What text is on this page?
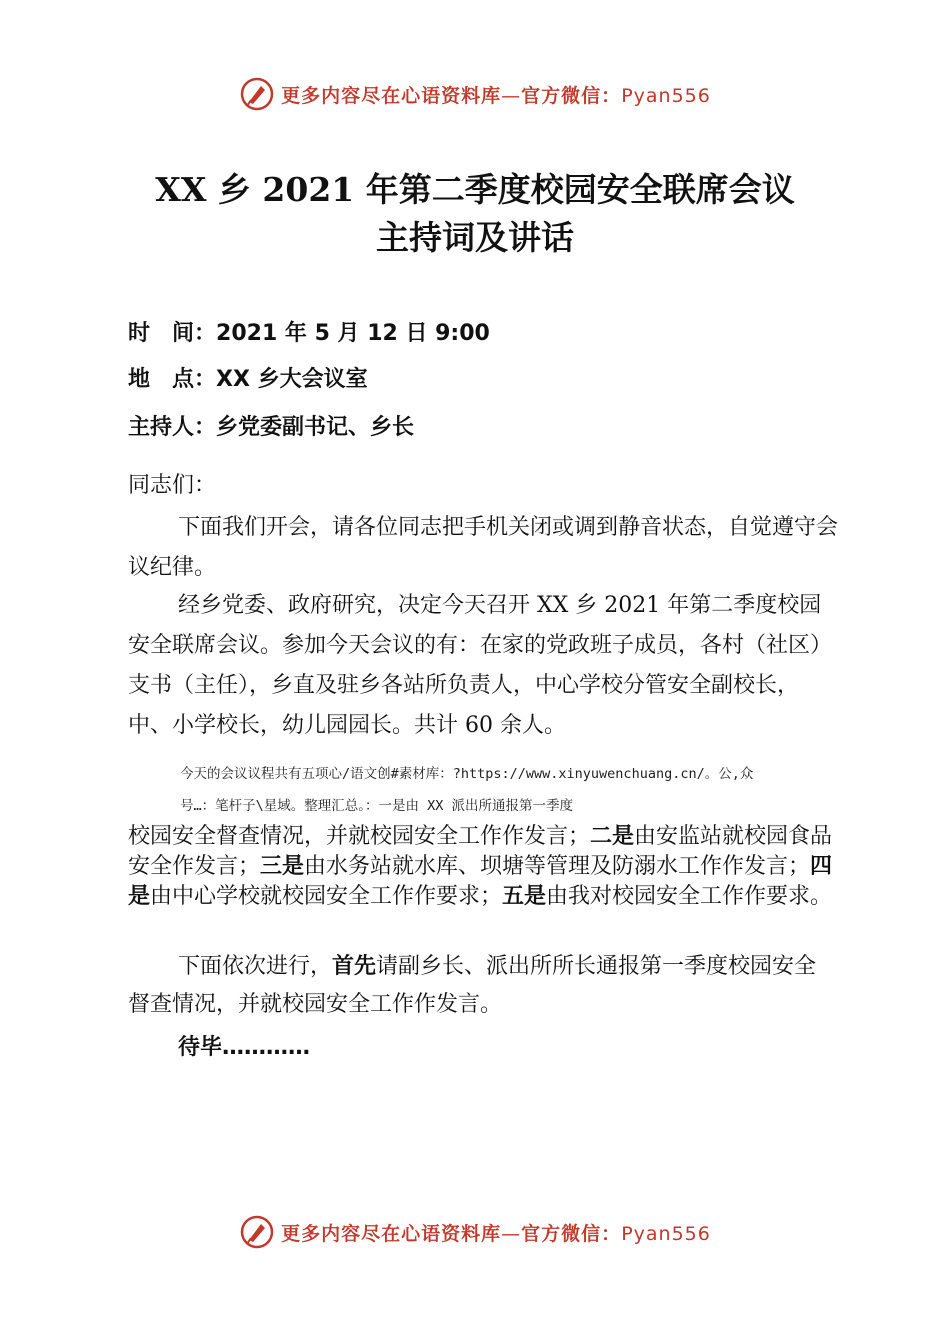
更多内容尽在心语资料库—官方微信：Pyan556
XX 乡 2021 年第二季度校园安全联席会议
主持词及讲话
时　间：2021 年 5 月 12 日 9:00
地　点：XX 乡大会议室
主持人：乡党委副书记、乡长
同志们：
下面我们开会，请各位同志把手机关闭或调到静音状态，自觉遵守会议纪律。
经乡党委、政府研究，决定今天召开 XX 乡 2021 年第二季度校园安全联席会议。参加今天会议的有：在家的党政班子成员，各村（社区）支书（主任），乡直及驻乡各站所负责人，中心学校分管安全副校长，中、小学校长，幼儿园园长。共计 60 余人。
今天的会议议程共有五项心/语文创#素材库：?https://www.xinyuwenchuang.cn/。公,众
号…：笔杆子\星域。整理汇总。：一是由 XX 派出所通报第一季度
校园安全督查情况，并就校园安全工作作发言；二是由安监站就校园食品安全作发言；三是由水务站就水库、坝塘等管理及防溺水工作作发言；四是由中心学校就校园安全工作作要求；五是由我对校园安全工作作要求。
下面依次进行，首先请副乡长、派出所所长通报第一季度校园安全督查情况，并就校园安全工作作发言。
待毕…………
更多内容尽在心语资料库—官方微信：Pyan556
